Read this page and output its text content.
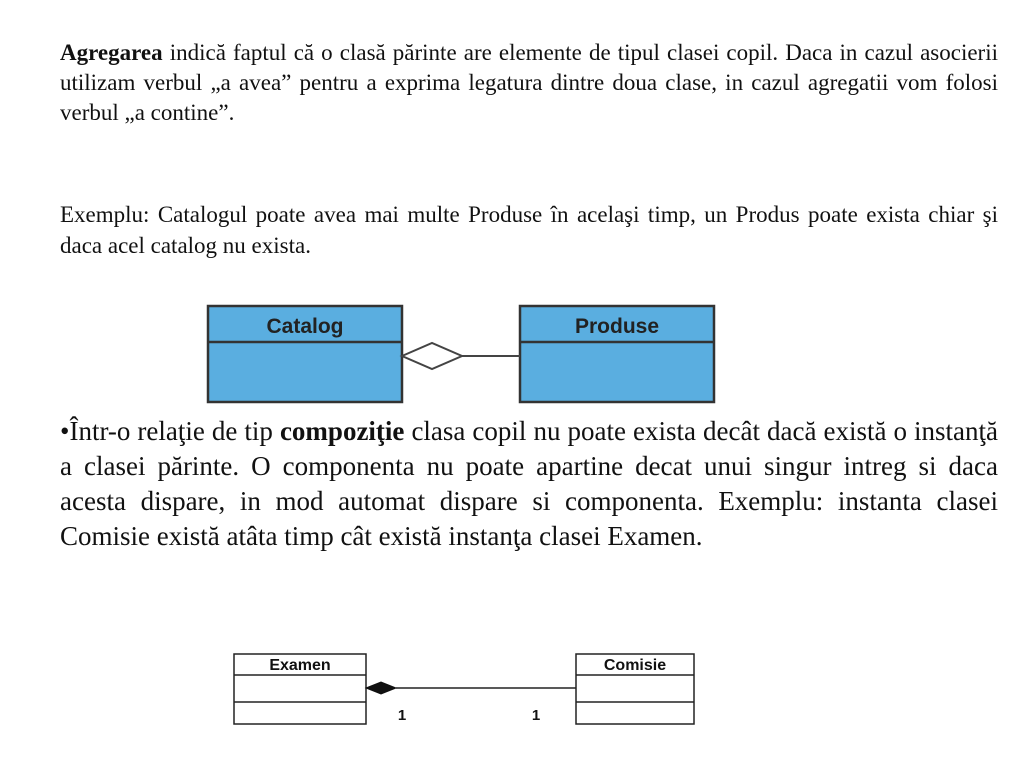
Agregarea indică faptul că o clasă părinte are elemente de tipul clasei copil. Daca in cazul asocierii utilizam verbul „a avea” pentru a exprima legatura dintre doua clase, in cazul agregatii vom folosi verbul „a contine”.

Exemplu: Catalogul poate avea mai multe Produse în acelaşi timp, un Produs poate exista chiar şi daca acel catalog nu exista.

Catalog	Produse

•Într-o relaţie de tip compoziţie clasa copil nu poate exista decât dacă există o instanţă a clasei părinte. O componenta nu poate apartine decat unui singur intreg si daca acesta dispare, in mod automat dispare si componenta. Exemplu: instanta clasei Comisie există atâta timp cât există instanţa clasei Examen.

Examen	Comisie
1	1
